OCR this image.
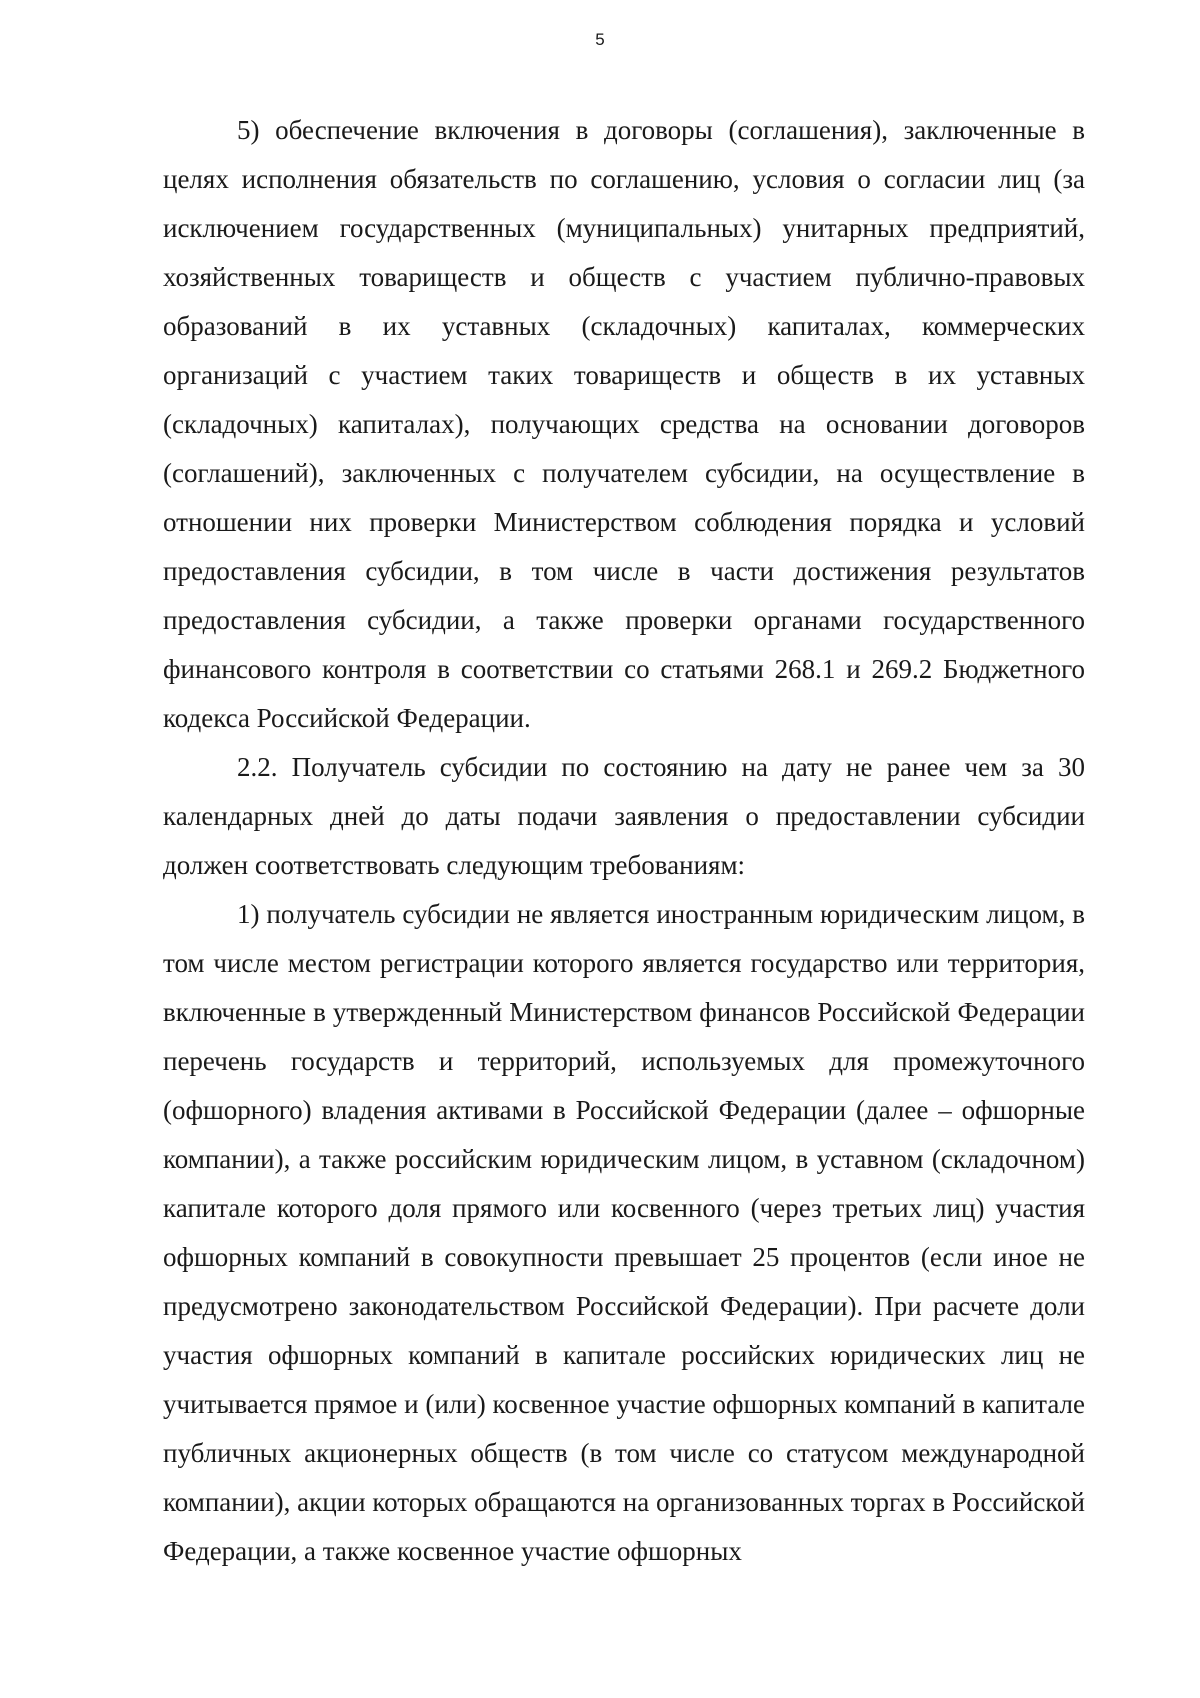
5

5) обеспечение включения в договоры (соглашения), заключенные в целях исполнения обязательств по соглашению, условия о согласии лиц (за исключением государственных (муниципальных) унитарных предприятий, хозяйственных товариществ и обществ с участием публично-правовых образований в их уставных (складочных) капиталах, коммерческих организаций с участием таких товариществ и обществ в их уставных (складочных) капиталах), получающих средства на основании договоров (соглашений), заключенных с получателем субсидии, на осуществление в отношении них проверки Министерством соблюдения порядка и условий предоставления субсидии, в том числе в части достижения результатов предоставления субсидии, а также проверки органами государственного финансового контроля в соответствии со статьями 268.1 и 269.2 Бюджетного кодекса Российской Федерации.

2.2. Получатель субсидии по состоянию на дату не ранее чем за 30 календарных дней до даты подачи заявления о предоставлении субсидии должен соответствовать следующим требованиям:

1) получатель субсидии не является иностранным юридическим лицом, в том числе местом регистрации которого является государство или территория, включенные в утвержденный Министерством финансов Российской Федерации перечень государств и территорий, используемых для промежуточного (офшорного) владения активами в Российской Федерации (далее – офшорные компании), а также российским юридическим лицом, в уставном (складочном) капитале которого доля прямого или косвенного (через третьих лиц) участия офшорных компаний в совокупности превышает 25 процентов (если иное не предусмотрено законодательством Российской Федерации). При расчете доли участия офшорных компаний в капитале российских юридических лиц не учитывается прямое и (или) косвенное участие офшорных компаний в капитале публичных акционерных обществ (в том числе со статусом международной компании), акции которых обращаются на организованных торгах в Российской Федерации, а также косвенное участие офшорных
